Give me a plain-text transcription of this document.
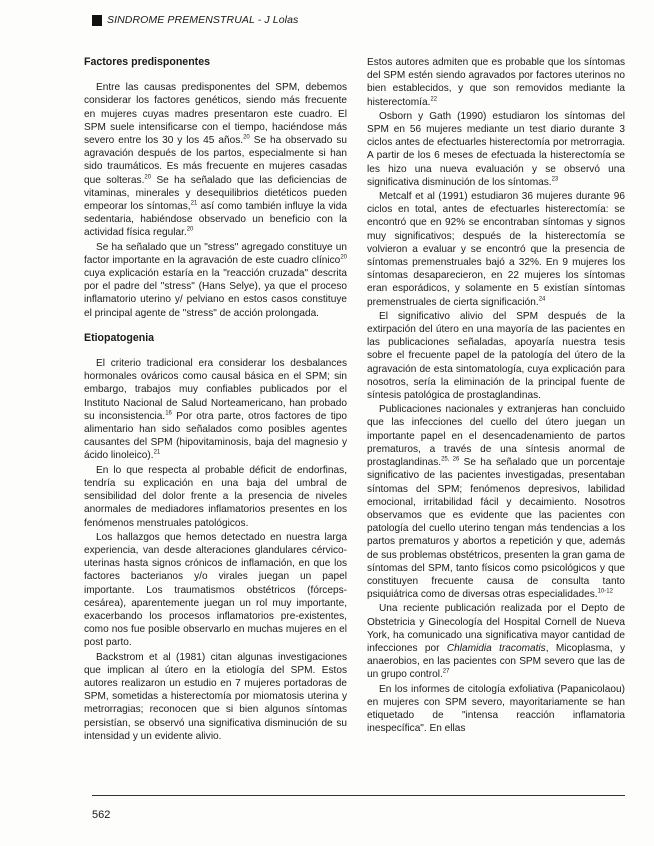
SINDROME PREMENSTRUAL - J Lolas
Factores predisponentes

Entre las causas predisponentes del SPM, debemos considerar los factores genéticos, siendo más frecuente en mujeres cuyas madres presentaron este cuadro. El SPM suele intensificarse con el tiempo, haciéndose más severo entre los 30 y los 45 años.$^{20}$ Se ha observado su agravación después de los partos, especialmente si han sido traumáticos. Es más frecuente en mujeres casadas que solteras.$^{20}$ Se ha señalado que las deficiencias de vitaminas, minerales y desequilibrios dietéticos pueden empeorar los síntomas,$^{21}$ así como también influye la vida sedentaria, habiéndose observado un beneficio con la actividad física regular.$^{20}$

Se ha señalado que un "stress" agregado constituye un factor importante en la agravación de este cuadro clínico$^{20}$ cuya explicación estaría en la "reacción cruzada" descrita por el padre del "stress" (Hans Selye), ya que el proceso inflamatorio uterino y/ pelviano en estos casos constituye el principal agente de "stress" de acción prolongada.

Etiopatogenia

El criterio tradicional era considerar los desbalances hormonales ováricos como causal básica en el SPM; sin embargo, trabajos muy confiables publicados por el Instituto Nacional de Salud Norteamericano, han probado su inconsistencia.$^{16}$ Por otra parte, otros factores de tipo alimentario han sido señalados como posibles agentes causantes del SPM (hipovitaminosis, baja del magnesio y ácido linoleico).$^{21}$

En lo que respecta al probable déficit de endorfinas, tendría su explicación en una baja del umbral de sensibilidad del dolor frente a la presencia de niveles anormales de mediadores inflamatorios presentes en los fenómenos menstruales patológicos.

Los hallazgos que hemos detectado en nuestra larga experiencia, van desde alteraciones glandulares cérvico-uterinas hasta signos crónicos de inflamación, en que los factores bacterianos y/o virales juegan un papel importante. Los traumatismos obstétricos (fórceps-cesárea), aparentemente juegan un rol muy importante, exacerbando los procesos inflamatorios pre-existentes, como nos fue posible observarlo en muchas mujeres en el post parto.

Backstrom et al (1981) citan algunas investigaciones que implican al útero en la etiología del SPM. Estos autores realizaron un estudio en 7 mujeres portadoras de SPM, sometidas a histerectomía por miomatosis uterina y metrorragias; reconocen que si bien algunos síntomas persistían, se observó una significativa disminución de su intensidad y un evidente alivio.

Estos autores admiten que es probable que los síntomas del SPM estén siendo agravados por factores uterinos no bien establecidos, y que son removidos mediante la histerectomía.$^{22}$

Osborn y Gath (1990) estudiaron los síntomas del SPM en 56 mujeres mediante un test diario durante 3 ciclos antes de efectuarles histerectomía por metrorragia. A partir de los 6 meses de efectuada la histerectomía se les hizo una nueva evaluación y se observó una significativa disminución de los síntomas.$^{23}$

Metcalf et al (1991) estudiaron 36 mujeres durante 96 ciclos en total, antes de efectuarles histerectomía: se encontró que en 92% se encontraban síntomas y signos muy significativos; después de la histerectomía se volvieron a evaluar y se encontró que la presencia de síntomas premenstruales bajó a 32%. En 9 mujeres los síntomas desaparecieron, en 22 mujeres los síntomas eran esporádicos, y solamente en 5 existían síntomas premenstruales de cierta significación.$^{24}$

El significativo alivio del SPM después de la extirpación del útero en una mayoría de las pacientes en las publicaciones señaladas, apoyaría nuestra tesis sobre el frecuente papel de la patología del útero de la agravación de esta sintomatología, cuya explicación para nosotros, sería la eliminación de la principal fuente de síntesis patológica de prostaglandinas.

Publicaciones nacionales y extranjeras han concluido que las infecciones del cuello del útero juegan un importante papel en el desencadenamiento de partos prematuros, a través de una síntesis anormal de prostaglandinas.$^{25, 26}$ Se ha señalado que un porcentaje significativo de las pacientes investigadas, presentaban síntomas del SPM; fenómenos depresivos, labilidad emocional, irritabilidad fácil y decaimiento. Nosotros observamos que es evidente que las pacientes con patología del cuello uterino tengan más tendencias a los partos prematuros y abortos a repetición y que, además de sus problemas obstétricos, presenten la gran gama de síntomas del SPM, tanto físicos como psicológicos y que constituyen frecuente causa de consulta tanto psiquiátrica como de diversas otras especialidades.$^{10-12}$

Una reciente publicación realizada por el Depto de Obstetricia y Ginecología del Hospital Cornell de Nueva York, ha comunicado una significativa mayor cantidad de infecciones por Chlamidia tracomatis, Micoplasma, y anaerobios, en las pacientes con SPM severo que las de un grupo control.$^{27}$

En los informes de citología exfoliativa (Papanicolaou) en mujeres con SPM severo, mayoritariamente se han etiquetado de "intensa reacción inflamatoria inespecífica". En ellas

562
